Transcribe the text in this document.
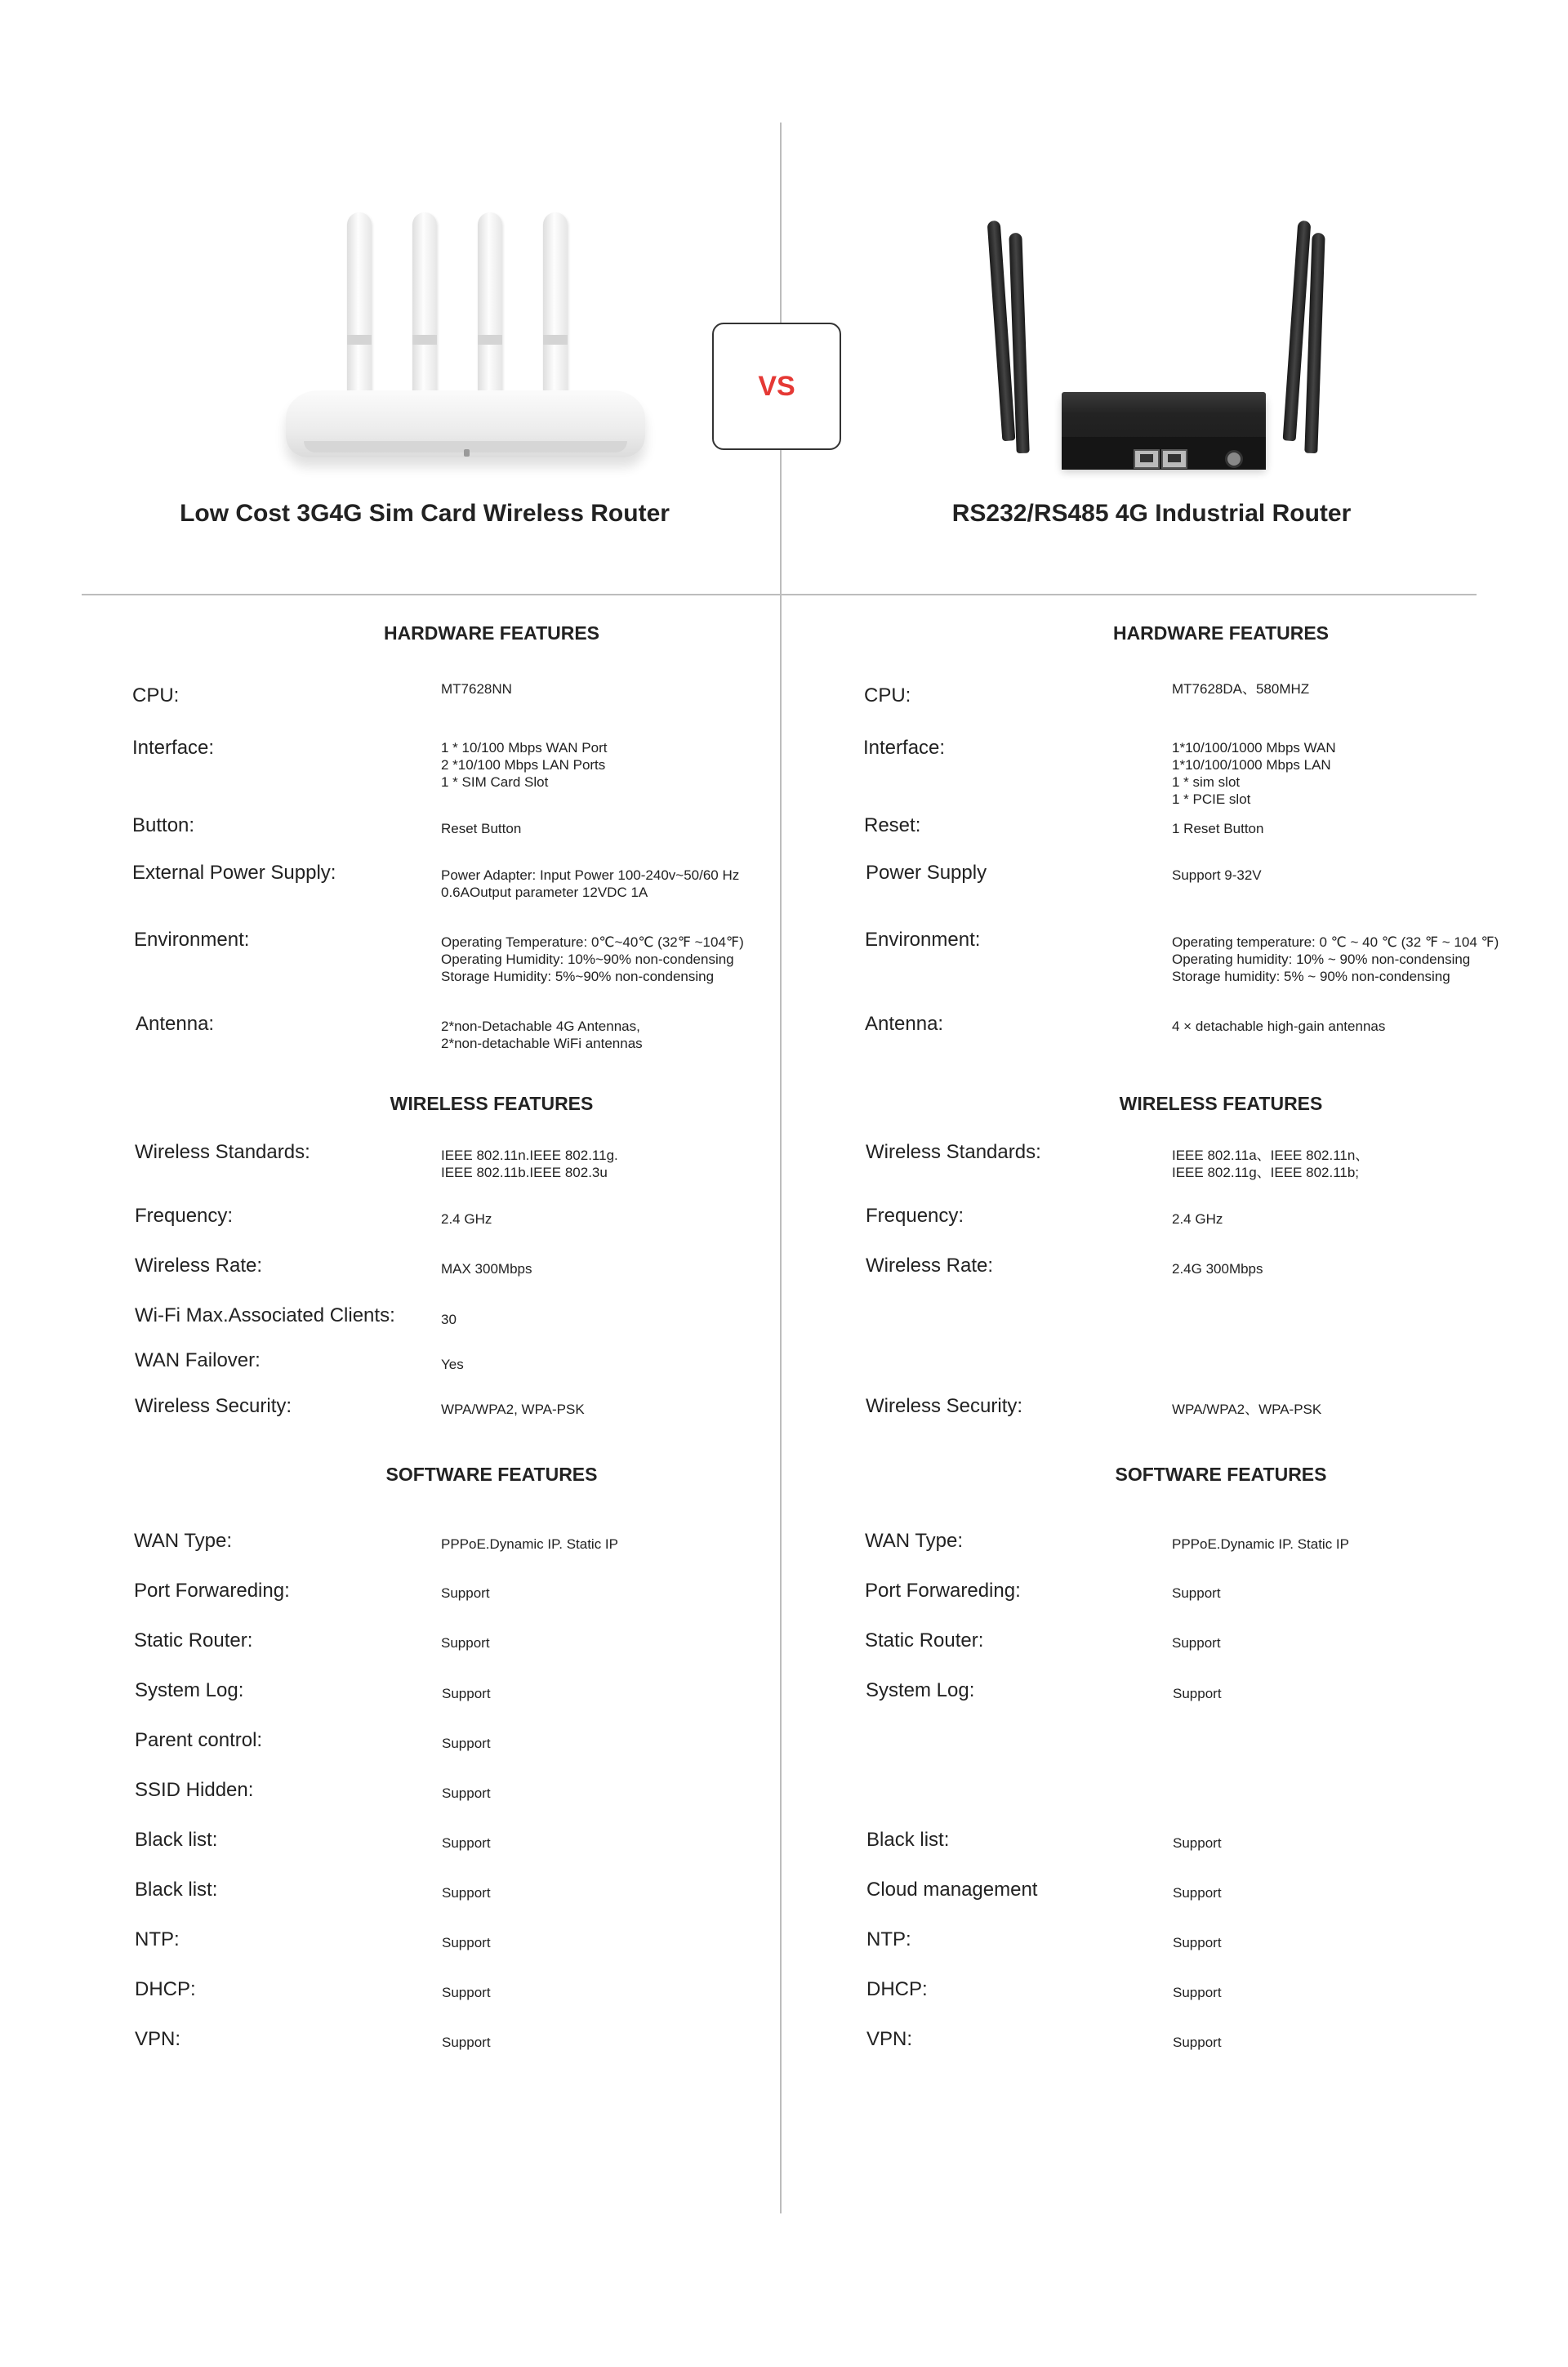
Low Cost 3G4G Sim Card Wireless Router
VS
RS232/RS485 4G Industrial Router
HARDWARE FEATURES	HARDWARE FEATURES
WIRELESS FEATURES	WIRELESS FEATURES
SOFTWARE FEATURES	SOFTWARE FEATURES
CPU:	MT7628NN
Interface:	1 * 10/100 Mbps WAN Port
2 *10/100 Mbps LAN Ports
1 * SIM Card Slot
Button:	Reset Button
External Power Supply:	Power Adapter: Input Power 100-240v~50/60 Hz
0.6AOutput parameter 12VDC 1A
Environment:	Operating Temperature: 0℃~40℃ (32℉ ~104℉)
Operating Humidity: 10%~90% non-condensing
Storage Humidity: 5%~90% non-condensing
Antenna:	2*non-Detachable 4G Antennas,
2*non-detachable WiFi antennas
Wireless Standards:	IEEE 802.11n.IEEE 802.11g.
IEEE 802.11b.IEEE 802.3u
Frequency:	2.4 GHz
Wireless Rate:	MAX 300Mbps
Wi-Fi Max.Associated Clients:	30
WAN Failover:	Yes
Wireless Security:	WPA/WPA2, WPA-PSK
WAN Type:	PPPoE.Dynamic IP. Static IP
Port Forwareding:	Support
Static Router:	Support
System Log:	Support
Parent control:	Support
SSID Hidden:	Support
Black list:	Support
Black list:	Support
NTP:	Support
DHCP:	Support
VPN:	Support
CPU:	MT7628DA、580MHZ
Interface:	1*10/100/1000 Mbps WAN
1*10/100/1000 Mbps LAN
1 * sim slot
1 * PCIE slot
Reset:	1 Reset Button
Power Supply	Support 9-32V
Environment:	Operating temperature: 0 ℃ ~ 40 ℃ (32 ℉ ~ 104 ℉)
Operating humidity: 10% ~ 90% non-condensing
Storage humidity: 5% ~ 90% non-condensing
Antenna:	4 × detachable high-gain antennas
Wireless Standards:	IEEE 802.11a、IEEE 802.11n、
IEEE 802.11g、IEEE 802.11b;
Frequency:	2.4 GHz
Wireless Rate:	2.4G 300Mbps
Wireless Security:	WPA/WPA2、WPA-PSK
WAN Type:	PPPoE.Dynamic IP. Static IP
Port Forwareding:	Support
Static Router:	Support
System Log:	Support
Black list:	Support
Cloud management	Support
NTP:	Support
DHCP:	Support
VPN:	Support
